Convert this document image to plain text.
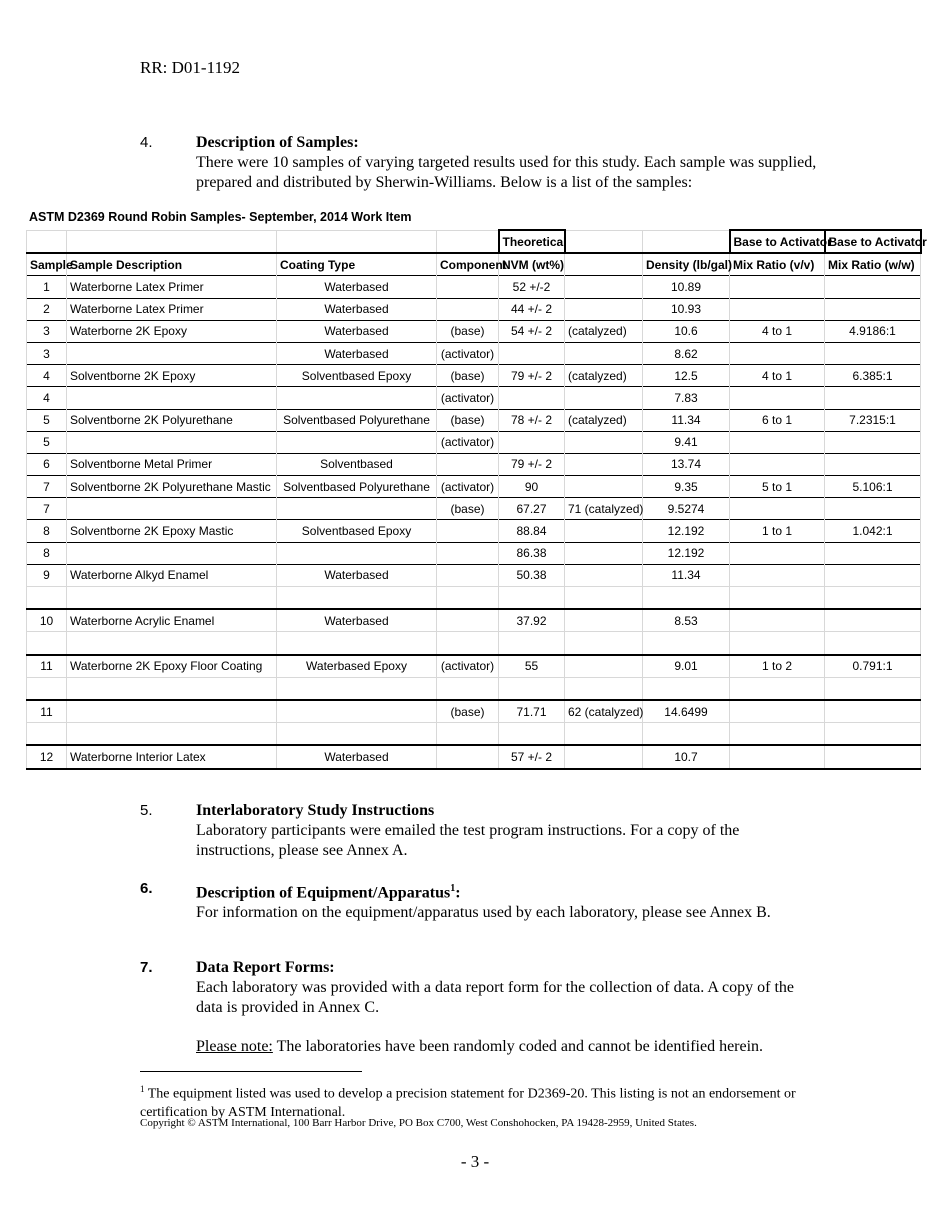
RR: D01-1192
4.	Description of Samples:
There were 10 samples of varying targeted results used for this study. Each sample was supplied, prepared and distributed by Sherwin-Williams. Below is a list of the samples:
ASTM D2369 Round Robin Samples- September, 2014 Work Item
				Theoretical			Base to Activator	Base to Activator
Sample	Sample Description	Coating Type	Component	NVM (wt%)		Density (lb/gal)	Mix Ratio (v/v)	Mix Ratio (w/w)
1	Waterborne Latex Primer	Waterbased		52 +/-2		10.89		
2	Waterborne Latex Primer	Waterbased		44 +/- 2		10.93		
3	Waterborne 2K Epoxy	Waterbased	(base)	54 +/- 2	(catalyzed)	10.6	4 to 1	4.9186:1
3		Waterbased	(activator)			8.62		
4	Solventborne 2K Epoxy	Solventbased Epoxy	(base)	79 +/- 2	(catalyzed)	12.5	4 to 1	6.385:1
4			(activator)			7.83		
5	Solventborne 2K Polyurethane	Solventbased Polyurethane	(base)	78 +/- 2	(catalyzed)	11.34	6 to 1	7.2315:1
5			(activator)			9.41		
6	Solventborne Metal Primer	Solventbased		79 +/- 2		13.74		
7	Solventborne 2K Polyurethane Mastic	Solventbased Polyurethane	(activator)	90		9.35	5 to 1	5.106:1
7			(base)	67.27	71 (catalyzed)	9.5274		
8	Solventborne 2K Epoxy Mastic	Solventbased Epoxy		88.84		12.192	1 to 1	1.042:1
8				86.38		12.192		
9	Waterborne Alkyd Enamel	Waterbased		50.38		11.34		

10	Waterborne Acrylic Enamel	Waterbased		37.92		8.53		

11	Waterborne 2K Epoxy Floor Coating	Waterbased Epoxy	(activator)	55		9.01	1 to 2	0.791:1

11			(base)	71.71	62 (catalyzed)	14.6499		

12	Waterborne Interior Latex	Waterbased		57 +/- 2		10.7		
5.	Interlaboratory Study Instructions
Laboratory participants were emailed the test program instructions. For a copy of the instructions, please see Annex A.
6.	Description of Equipment/Apparatus$^1$:
For information on the equipment/apparatus used by each laboratory, please see Annex B.
7.	Data Report Forms:
Each laboratory was provided with a data report form for the collection of data. A copy of the data is provided in Annex C.
Please note: The laboratories have been randomly coded and cannot be identified herein.
$^1$ The equipment listed was used to develop a precision statement for D2369-20. This listing is not an endorsement or certification by ASTM International.
Copyright © ASTM International, 100 Barr Harbor Drive, PO Box C700, West Conshohocken, PA 19428-2959, United States.
- 3 -
